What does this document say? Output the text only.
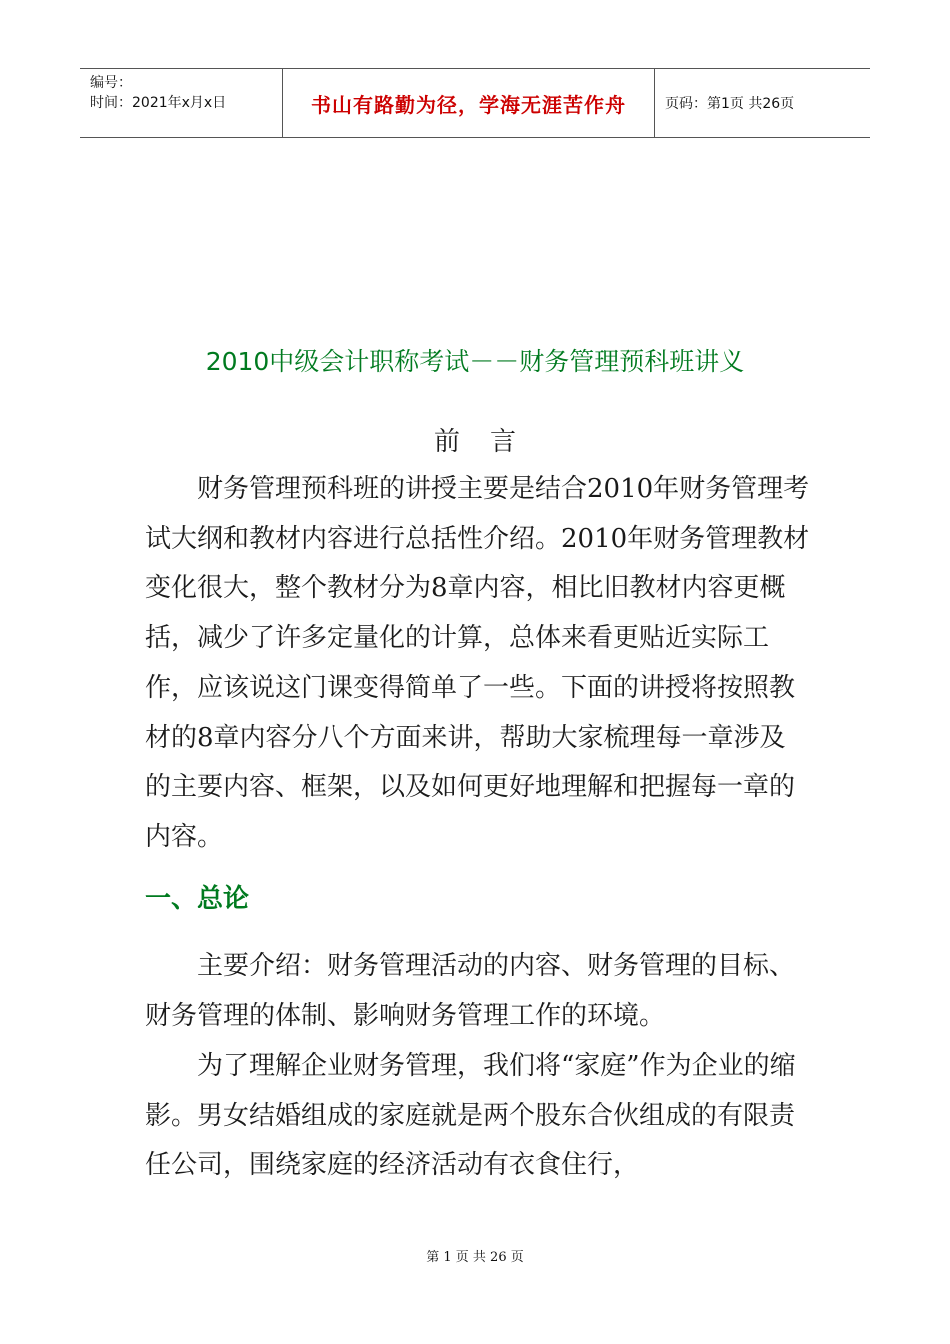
编号：
时间：2021年x月x日	书山有路勤为径，学海无涯苦作舟	页码：第1页 共26页
2010中级会计职称考试－－财务管理预科班讲义
前言

　　财务管理预科班的讲授主要是结合2010年财务管理考试大纲和教材内容进行总括性介绍。2010年财务管理教材变化很大，整个教材分为8章内容，相比旧教材内容更概括，减少了许多定量化的计算，总体来看更贴近实际工作，应该说这门课变得简单了一些。下面的讲授将按照教材的8章内容分八个方面来讲，帮助大家梳理每一章涉及的主要内容、框架，以及如何更好地理解和把握每一章的内容。

一、总论

　　主要介绍：财务管理活动的内容、财务管理的目标、财务管理的体制、影响财务管理工作的环境。

　　为了理解企业财务管理，我们将“家庭”作为企业的缩影。男女结婚组成的家庭就是两个股东合伙组成的有限责任公司，围绕家庭的经济活动有衣食住行，

第 1 页 共 26 页
